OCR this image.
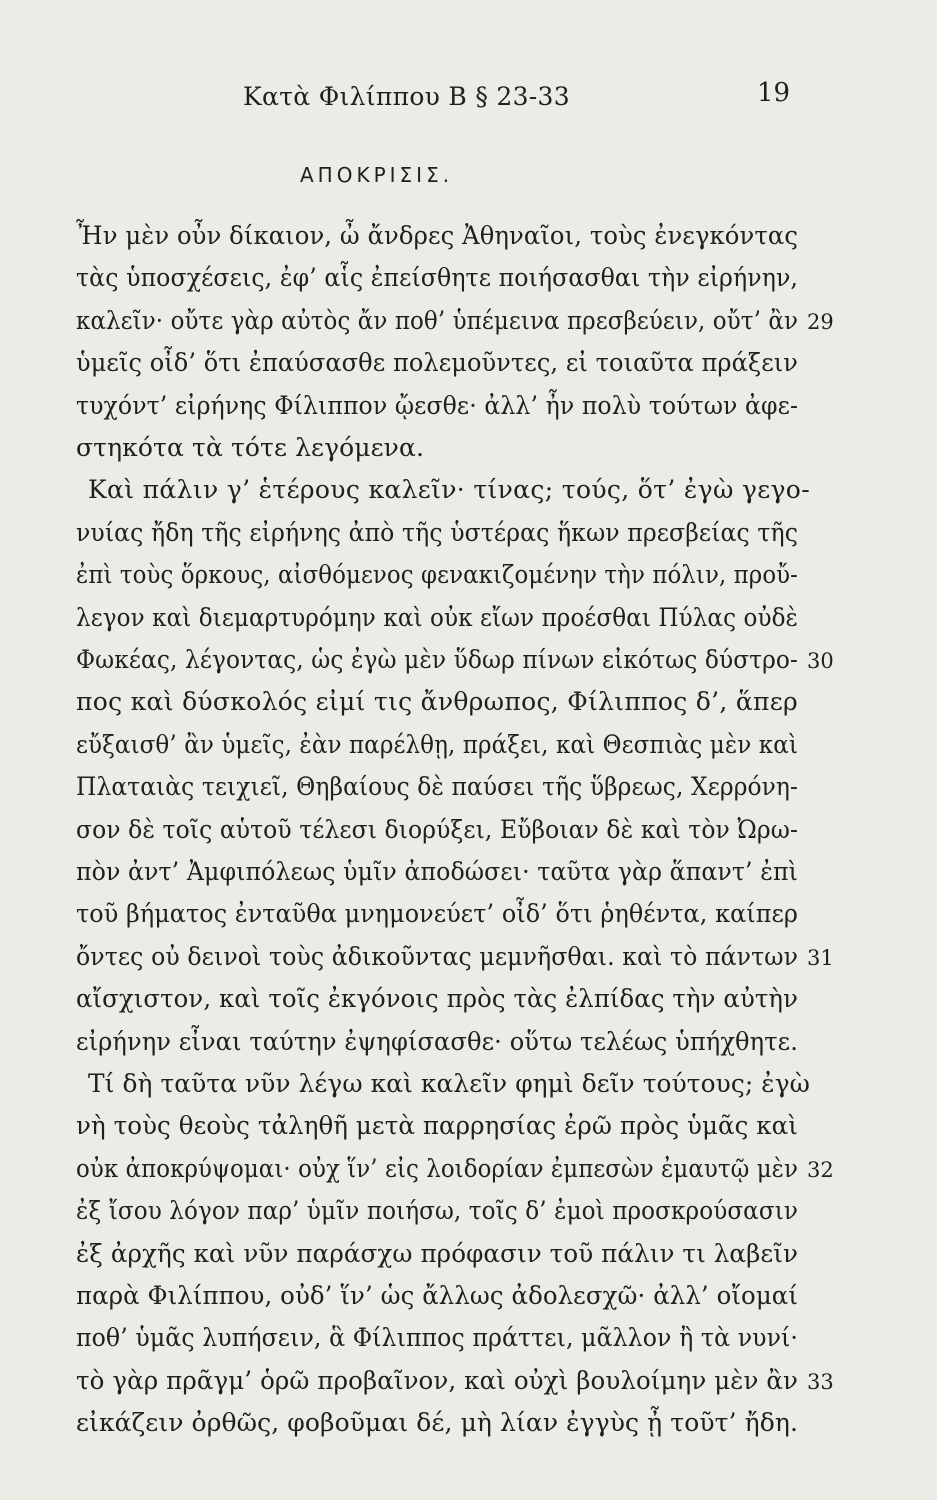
Κατὰ Φιλίππου Β § 23-33	19
ΑΠΟΚΡΙΣΙΣ.
Ἦν μὲν οὖν δίκαιον, ὦ ἄνδρες Ἀθηναῖοι, τοὺς ἐνεγκόντας
τὰς ὑποσχέσεις, ἐφ’ αἷς ἐπείσθητε ποιήσασθαι τὴν εἰρήνην,
καλεῖν· οὔτε γὰρ αὐτὸς ἄν ποθ’ ὑπέμεινα πρεσβεύειν, οὔτ’ ἂν 29
ὑμεῖς οἶδ’ ὅτι ἐπαύσασθε πολεμοῦντες, εἰ τοιαῦτα πράξειν
τυχόντ’ εἰρήνης Φίλιππον ᾤεσθε· ἀλλ’ ἦν πολὺ τούτων ἀφε-
στηκότα τὰ τότε λεγόμενα.
Καὶ πάλιν γ’ ἑτέρους καλεῖν· τίνας; τούς, ὅτ’ ἐγὼ γεγο-
νυίας ἤδη τῆς εἰρήνης ἀπὸ τῆς ὑστέρας ἥκων πρεσβείας τῆς
ἐπὶ τοὺς ὅρκους, αἰσθόμενος φενακιζομένην τὴν πόλιν, προὔ-
λεγον καὶ διεμαρτυρόμην καὶ οὐκ εἴων προέσθαι Πύλας οὐδὲ
Φωκέας, λέγοντας, ὡς ἐγὼ μὲν ὕδωρ πίνων εἰκότως δύστρο- 30
πος καὶ δύσκολός εἰμί τις ἄνθρωπος, Φίλιππος δ’, ἅπερ
εὔξαισθ’ ἂν ὑμεῖς, ἐὰν παρέλθῃ, πράξει, καὶ Θεσπιὰς μὲν καὶ
Πλαταιὰς τειχιεῖ, Θηβαίους δὲ παύσει τῆς ὕβρεως, Χερρόνη-
σον δὲ τοῖς αὑτοῦ τέλεσι διορύξει, Εὔβοιαν δὲ καὶ τὸν Ὠρω-
πὸν ἀντ’ Ἀμφιπόλεως ὑμῖν ἀποδώσει· ταῦτα γὰρ ἅπαντ’ ἐπὶ
τοῦ βήματος ἐνταῦθα μνημονεύετ’ οἶδ’ ὅτι ῥηθέντα, καίπερ
ὄντες οὐ δεινοὶ τοὺς ἀδικοῦντας μεμνῆσθαι. καὶ τὸ πάντων 31
αἴσχιστον, καὶ τοῖς ἐκγόνοις πρὸς τὰς ἐλπίδας τὴν αὐτὴν
εἰρήνην εἶναι ταύτην ἐψηφίσασθε· οὕτω τελέως ὑπήχθητε.
Τί δὴ ταῦτα νῦν λέγω καὶ καλεῖν φημὶ δεῖν τούτους; ἐγὼ
νὴ τοὺς θεοὺς τἀληθῆ μετὰ παρρησίας ἐρῶ πρὸς ὑμᾶς καὶ
οὐκ ἀποκρύψομαι· οὐχ ἵν’ εἰς λοιδορίαν ἐμπεσὼν ἐμαυτῷ μὲν 32
ἐξ ἴσου λόγον παρ’ ὑμῖν ποιήσω, τοῖς δ’ ἐμοὶ προσκρούσασιν
ἐξ ἀρχῆς καὶ νῦν παράσχω πρόφασιν τοῦ πάλιν τι λαβεῖν
παρὰ Φιλίππου, οὐδ’ ἵν’ ὡς ἄλλως ἀδολεσχῶ· ἀλλ’ οἴομαί
ποθ’ ὑμᾶς λυπήσειν, ἃ Φίλιππος πράττει, μᾶλλον ἢ τὰ νυνί·
τὸ γὰρ πρᾶγμ’ ὁρῶ προβαῖνον, καὶ οὐχὶ βουλοίμην μὲν ἂν 33
εἰκάζειν ὀρθῶς, φοβοῦμαι δέ, μὴ λίαν ἐγγὺς ᾖ τοῦτ’ ἤδη.
